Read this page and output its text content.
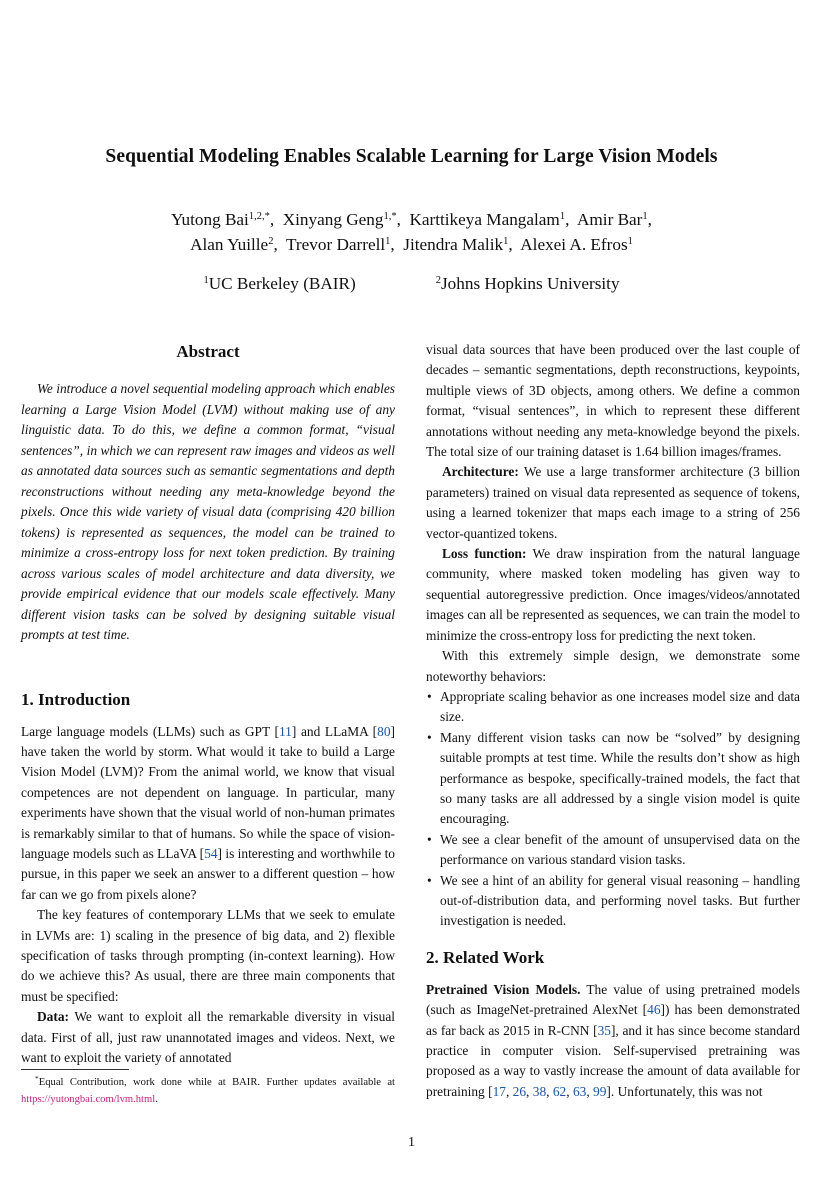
Sequential Modeling Enables Scalable Learning for Large Vision Models
Yutong Bai$^{1,2,*}$,  Xinyang Geng$^{1,*}$,  Karttikeya Mangalam$^1$,  Amir Bar$^1$,
Alan Yuille$^2$,  Trevor Darrell$^1$,  Jitendra Malik$^1$,  Alexei A. Efros$^1$
$^1$UC Berkeley (BAIR)	$^2$Johns Hopkins University
Abstract

We introduce a novel sequential modeling approach which enables learning a Large Vision Model (LVM) without making use of any linguistic data. To do this, we define a common format, “visual sentences”, in which we can represent raw images and videos as well as annotated data sources such as semantic segmentations and depth reconstructions without needing any meta-knowledge beyond the pixels. Once this wide variety of visual data (comprising 420 billion tokens) is represented as sequences, the model can be trained to minimize a cross-entropy loss for next token prediction. By training across various scales of model architecture and data diversity, we provide empirical evidence that our models scale effectively. Many different vision tasks can be solved by designing suitable visual prompts at test time.

1. Introduction

Large language models (LLMs) such as GPT [11] and LLaMA [80] have taken the world by storm. What would it take to build a Large Vision Model (LVM)? From the animal world, we know that visual competences are not dependent on language. In particular, many experiments have shown that the visual world of non-human primates is remarkably similar to that of humans. So while the space of vision-language models such as LLaVA [54] is interesting and worthwhile to pursue, in this paper we seek an answer to a different question – how far can we go from pixels alone?

The key features of contemporary LLMs that we seek to emulate in LVMs are: 1) scaling in the presence of big data, and 2) flexible specification of tasks through prompting (in-context learning). How do we achieve this? As usual, there are three main components that must be specified:

Data: We want to exploit all the remarkable diversity in visual data. First of all, just raw unannotated images and videos. Next, we want to exploit the variety of annotated

visual data sources that have been produced over the last couple of decades – semantic segmentations, depth reconstructions, keypoints, multiple views of 3D objects, among others. We define a common format, “visual sentences”, in which to represent these different annotations without needing any meta-knowledge beyond the pixels. The total size of our training dataset is 1.64 billion images/frames.

Architecture: We use a large transformer architecture (3 billion parameters) trained on visual data represented as sequence of tokens, using a learned tokenizer that maps each image to a string of 256 vector-quantized tokens.

Loss function: We draw inspiration from the natural language community, where masked token modeling has given way to sequential autoregressive prediction. Once images/videos/annotated images can all be represented as sequences, we can train the model to minimize the cross-entropy loss for predicting the next token.

With this extremely simple design, we demonstrate some noteworthy behaviors:

• Appropriate scaling behavior as one increases model size and data size.
• Many different vision tasks can now be “solved” by designing suitable prompts at test time. While the results don’t show as high performance as bespoke, specifically-trained models, the fact that so many tasks are all addressed by a single vision model is quite encouraging.
• We see a clear benefit of the amount of unsupervised data on the performance on various standard vision tasks.
• We see a hint of an ability for general visual reasoning – handling out-of-distribution data, and performing novel tasks. But further investigation is needed.
2. Related Work

Pretrained Vision Models. The value of using pretrained models (such as ImageNet-pretrained AlexNet [46]) has been demonstrated as far back as 2015 in R-CNN [35], and it has since become standard practice in computer vision. Self-supervised pretraining was proposed as a way to vastly increase the amount of data available for pretraining [17, 26, 38, 62, 63, 99]. Unfortunately, this was not

*Equal Contribution, work done while at BAIR. Further updates available at https://yutongbai.com/lvm.html.
1
